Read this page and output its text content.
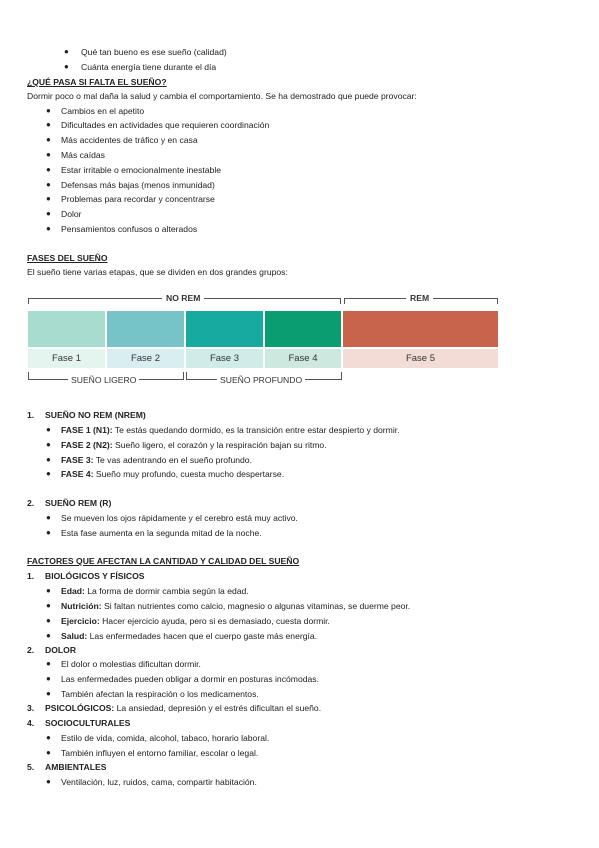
● Qué tan bueno es ese sueño (calidad)
● Cuánta energía tiene durante el día
¿QUÉ PASA SI FALTA EL SUEÑO?
Dormir poco o mal daña la salud y cambia el comportamiento. Se ha demostrado que puede provocar:
● Cambios en el apetito
● Dificultades en actividades que requieren coordinación
● Más accidentes de tráfico y en casa
● Más caídas
● Estar irritable o emocionalmente inestable
● Defensas más bajas (menos inmunidad)
● Problemas para recordar y concentrarse
● Dolor
● Pensamientos confusos o alterados
FASES DEL SUEÑO
El sueño tiene varias etapas, que se dividen en dos grandes grupos:
NO REM	REM
Fase 1	Fase 2	Fase 3	Fase 4	Fase 5
SUEÑO LIGERO	SUEÑO PROFUNDO
1. SUEÑO NO REM (NREM)
● FASE 1 (N1): Te estás quedando dormido, es la transición entre estar despierto y dormir.
● FASE 2 (N2): Sueño ligero, el corazón y la respiración bajan su ritmo.
● FASE 3: Te vas adentrando en el sueño profundo.
● FASE 4: Sueño muy profundo, cuesta mucho despertarse.
2. SUEÑO REM (R)
● Se mueven los ojos rápidamente y el cerebro está muy activo.
● Esta fase aumenta en la segunda mitad de la noche.
FACTORES QUE AFECTAN LA CANTIDAD Y CALIDAD DEL SUEÑO
1. BIOLÓGICOS Y FÍSICOS
● Edad: La forma de dormir cambia según la edad.
● Nutrición: Si faltan nutrientes como calcio, magnesio o algunas vitaminas, se duerme peor.
● Ejercicio: Hacer ejercicio ayuda, pero si es demasiado, cuesta dormir.
● Salud: Las enfermedades hacen que el cuerpo gaste más energía.
2. DOLOR
● El dolor o molestias dificultan dormir.
● Las enfermedades pueden obligar a dormir en posturas incómodas.
● También afectan la respiración o los medicamentos.
3. PSICOLÓGICOS: La ansiedad, depresión y el estrés dificultan el sueño.
4. SOCIOCULTURALES
● Estilo de vida, comida, alcohol, tabaco, horario laboral.
● También influyen el entorno familiar, escolar o legal.
5. AMBIENTALES
● Ventilación, luz, ruidos, cama, compartir habitación.
